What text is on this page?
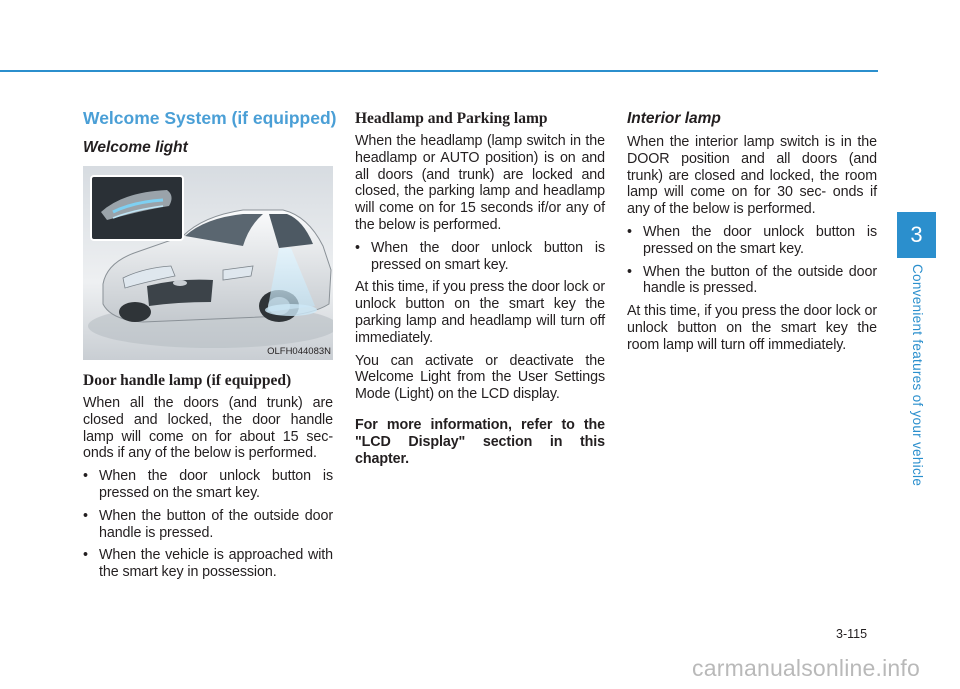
Welcome System (if equipped)
Welcome light
OLFH044083N
Door handle lamp (if equipped)

When all the doors (and trunk) are closed and locked, the door handle lamp will come on for about 15 sec- onds if any of the below is performed.

• When the door unlock button is pressed on the smart key.
• When the button of the outside door handle is pressed.
• When the vehicle is approached with the smart key in possession.
Headlamp and Parking lamp

When the headlamp (lamp switch in the headlamp or AUTO position) is on and all doors (and trunk) are locked and closed, the parking lamp and headlamp will come on for 15 seconds if/or any of the below is performed.

• When the door unlock button is pressed on smart key.

At this time, if you press the door lock or unlock button on the smart key the parking lamp and headlamp will turn off immediately.

You can activate or deactivate the Welcome Light from the User Settings Mode (Light) on the LCD display.

For more information, refer to the "LCD Display" section in this chapter.

Interior lamp

When the interior lamp switch is in the DOOR position and all doors (and trunk) are closed and locked, the room lamp will come on for 30 sec- onds if any of the below is performed.

• When the door unlock button is pressed on the smart key.
• When the button of the outside door handle is pressed.

At this time, if you press the door lock or unlock button on the smart key the room lamp will turn off immediately.

3
Convenient features of your vehicle
3-115
carmanualsonline.info
